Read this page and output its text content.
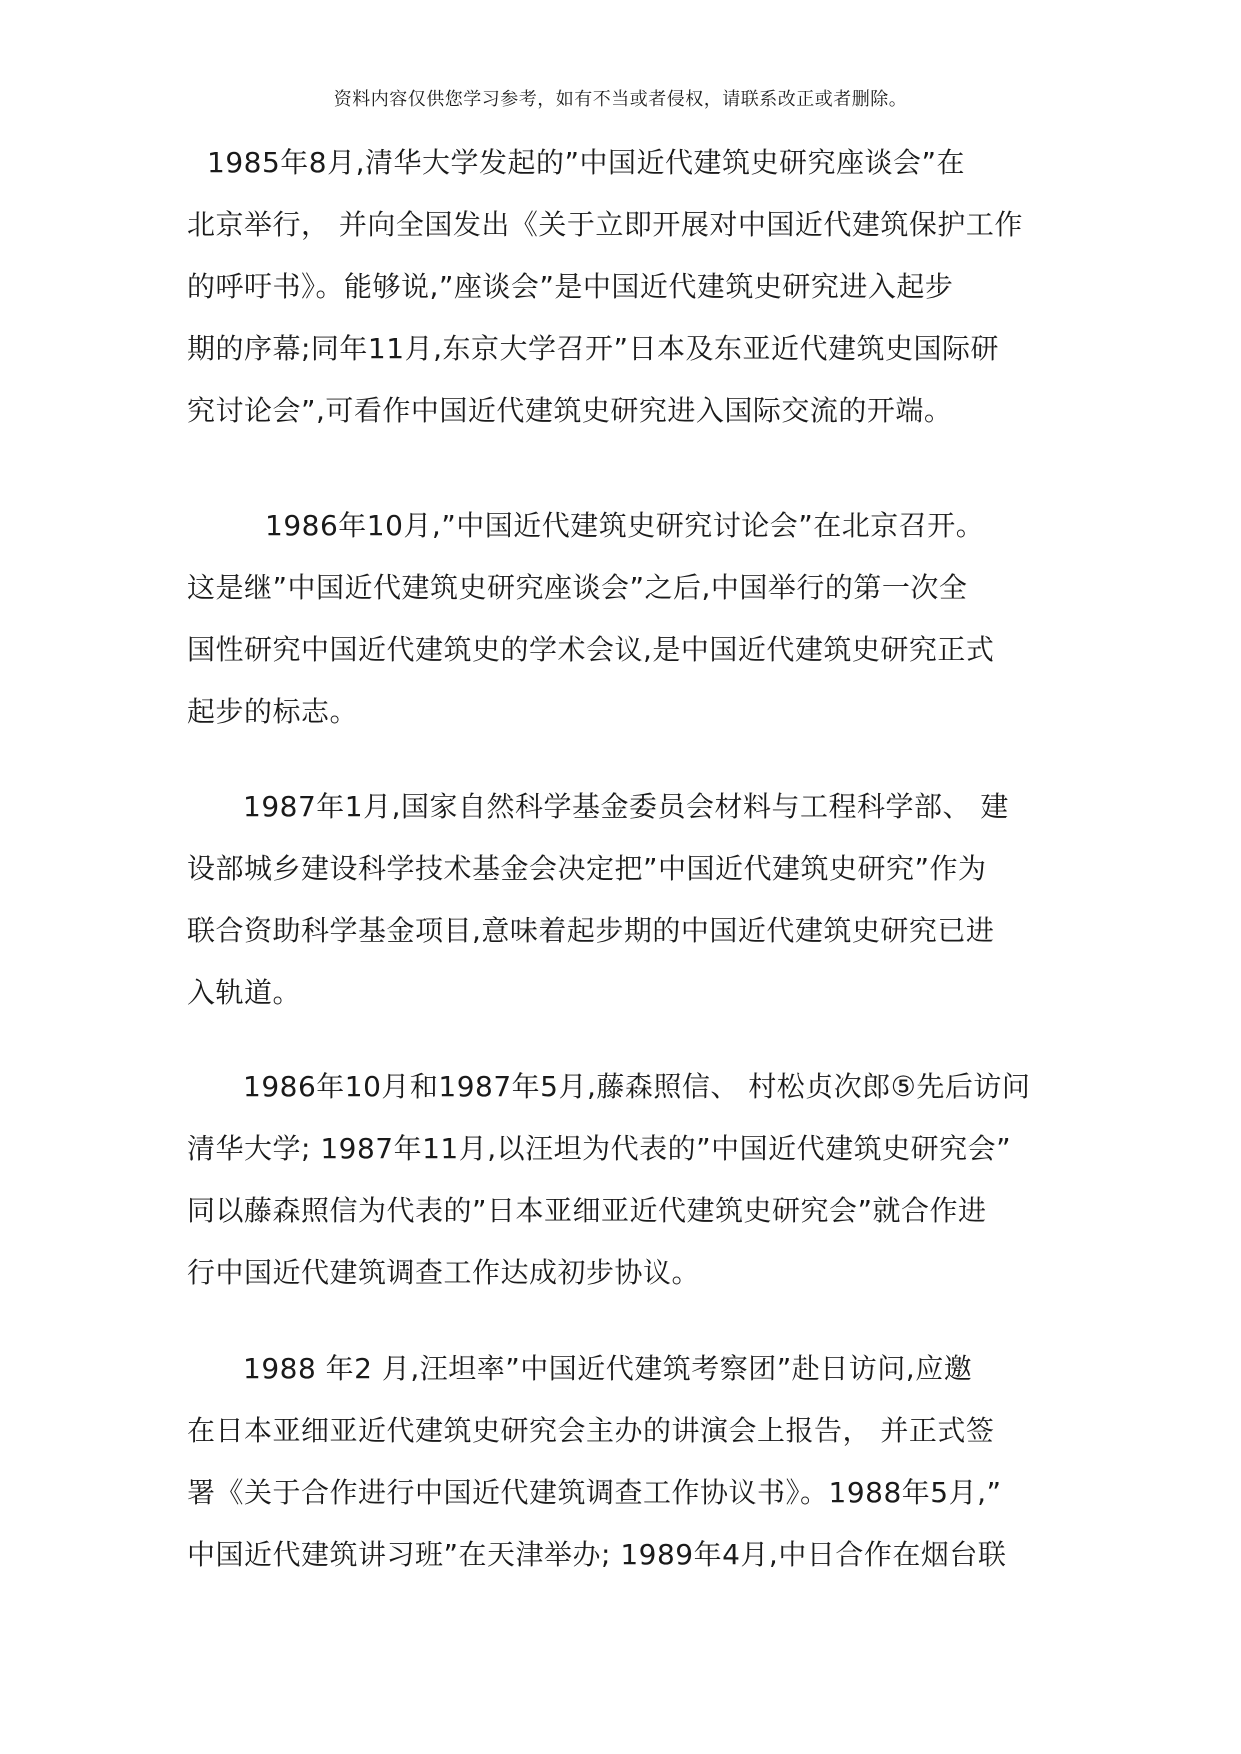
资料内容仅供您学习参考，如有不当或者侵权，请联系改正或者删除。
1985年8月,清华大学发起的”中国近代建筑史研究座谈会”在
北京举行， 并向全国发出《关于立即开展对中国近代建筑保护工作
的呼吁书》。能够说,”座谈会”是中国近代建筑史研究进入起步
期的序幕;同年11月,东京大学召开”日本及东亚近代建筑史国际研
究讨论会”,可看作中国近代建筑史研究进入国际交流的开端。
1986年10月,”中国近代建筑史研究讨论会”在北京召开。
这是继”中国近代建筑史研究座谈会”之后,中国举行的第一次全
国性研究中国近代建筑史的学术会议,是中国近代建筑史研究正式
起步的标志。
1987年1月,国家自然科学基金委员会材料与工程科学部、 建
设部城乡建设科学技术基金会决定把”中国近代建筑史研究”作为
联合资助科学基金项目,意味着起步期的中国近代建筑史研究已进
入轨道。
1986年10月和1987年5月,藤森照信、 村松贞次郎⑤先后访问
清华大学; 1987年11月,以汪坦为代表的”中国近代建筑史研究会”
同以藤森照信为代表的”日本亚细亚近代建筑史研究会”就合作进
行中国近代建筑调查工作达成初步协议。
1988 年2 月,汪坦率”中国近代建筑考察团”赴日访问,应邀
在日本亚细亚近代建筑史研究会主办的讲演会上报告， 并正式签
署《关于合作进行中国近代建筑调查工作协议书》。1988年5月,”
中国近代建筑讲习班”在天津举办; 1989年4月,中日合作在烟台联
